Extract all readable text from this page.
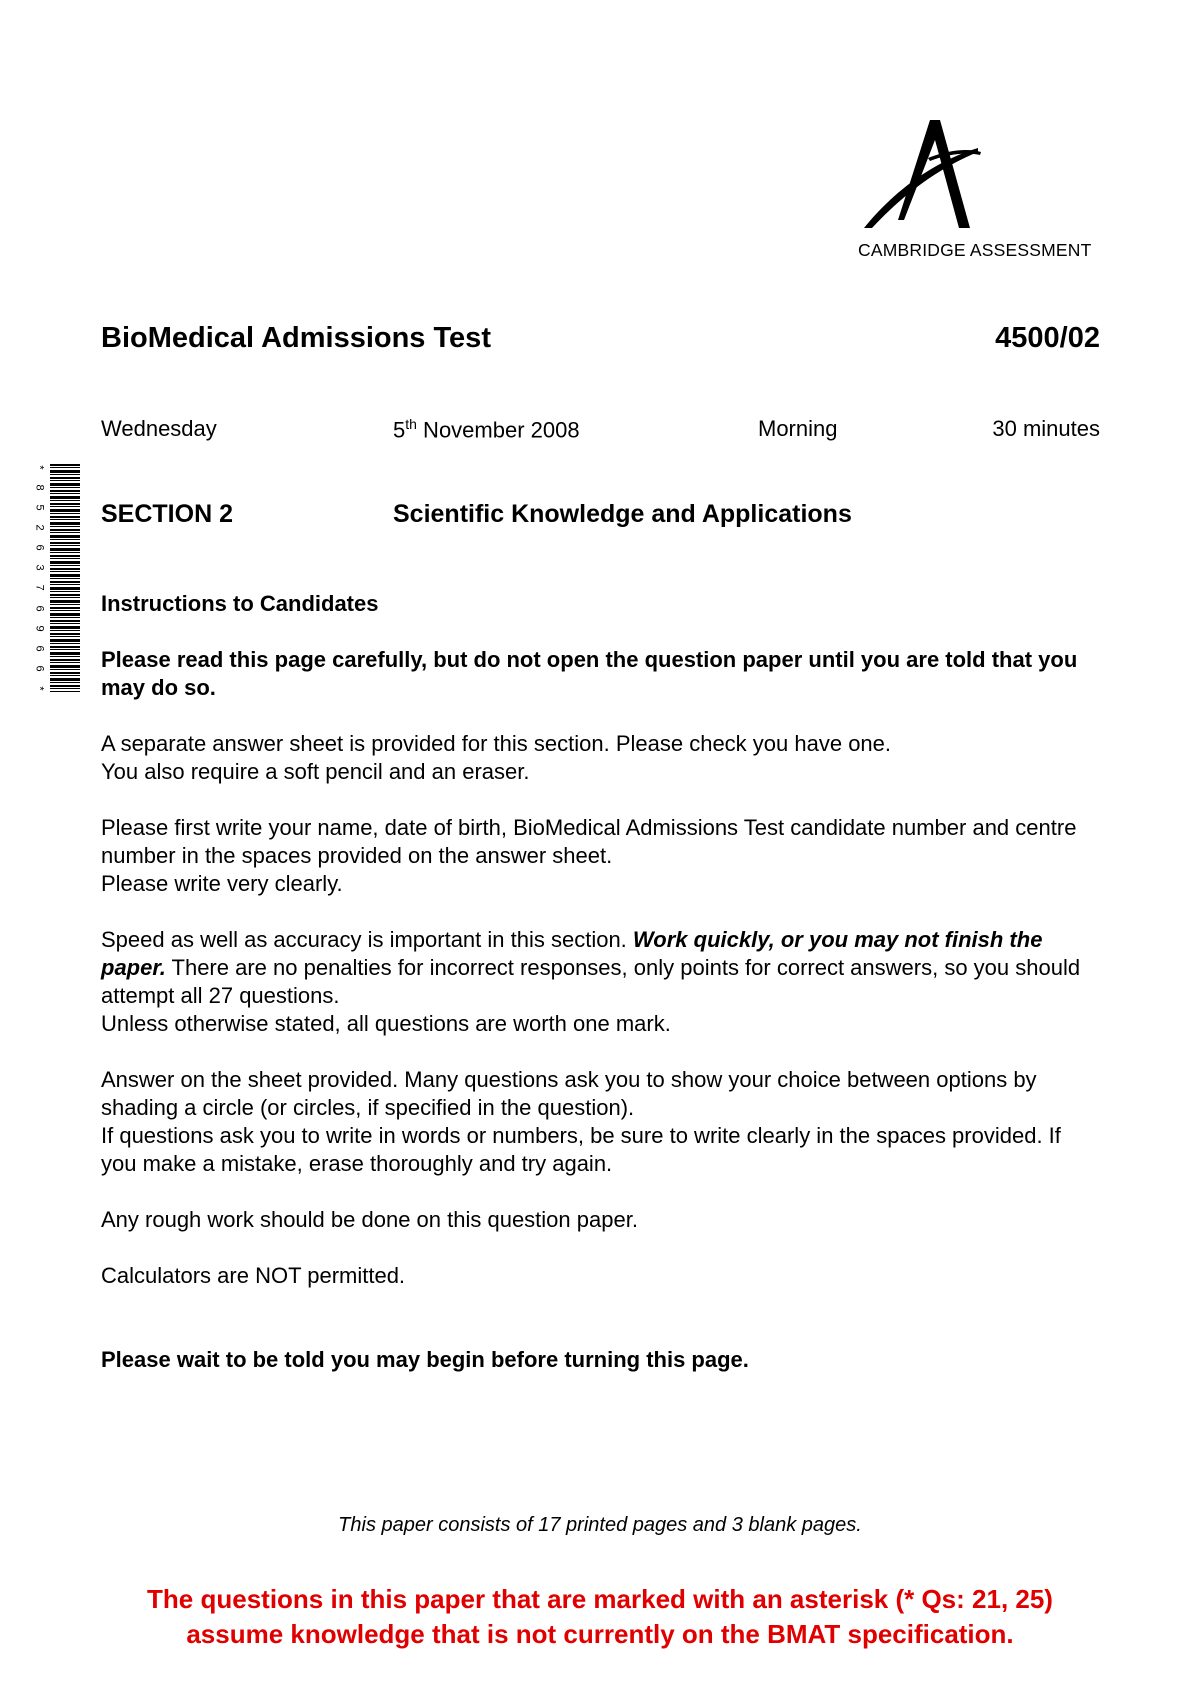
CAMBRIDGE ASSESSMENT
BioMedical Admissions Test	4500/02
Wednesday	5th November 2008	Morning	30 minutes
*
8
5
2
6
3
7
6
9
6
6
*
SECTION 2	Scientific Knowledge and Applications
Instructions to Candidates
Please read this page carefully, but do not open the question paper until you are told that you may do so.

A separate answer sheet is provided for this section. Please check you have one.

You also require a soft pencil and an eraser.

Please first write your name, date of birth, BioMedical Admissions Test candidate number and centre number in the spaces provided on the answer sheet.

Please write very clearly.

Speed as well as accuracy is important in this section. Work quickly, or you may not finish the paper. There are no penalties for incorrect responses, only points for correct answers, so you should attempt all 27 questions.

Unless otherwise stated, all questions are worth one mark.

Answer on the sheet provided. Many questions ask you to show your choice between options by shading a circle (or circles, if specified in the question).

If questions ask you to write in words or numbers, be sure to write clearly in the spaces provided. If you make a mistake, erase thoroughly and try again.

Any rough work should be done on this question paper.
Calculators are NOT permitted.
Please wait to be told you may begin before turning this page.
This paper consists of 17 printed pages and 3 blank pages.
The questions in this paper that are marked with an asterisk (* Qs: 21, 25)
assume knowledge that is not currently on the BMAT specification.
